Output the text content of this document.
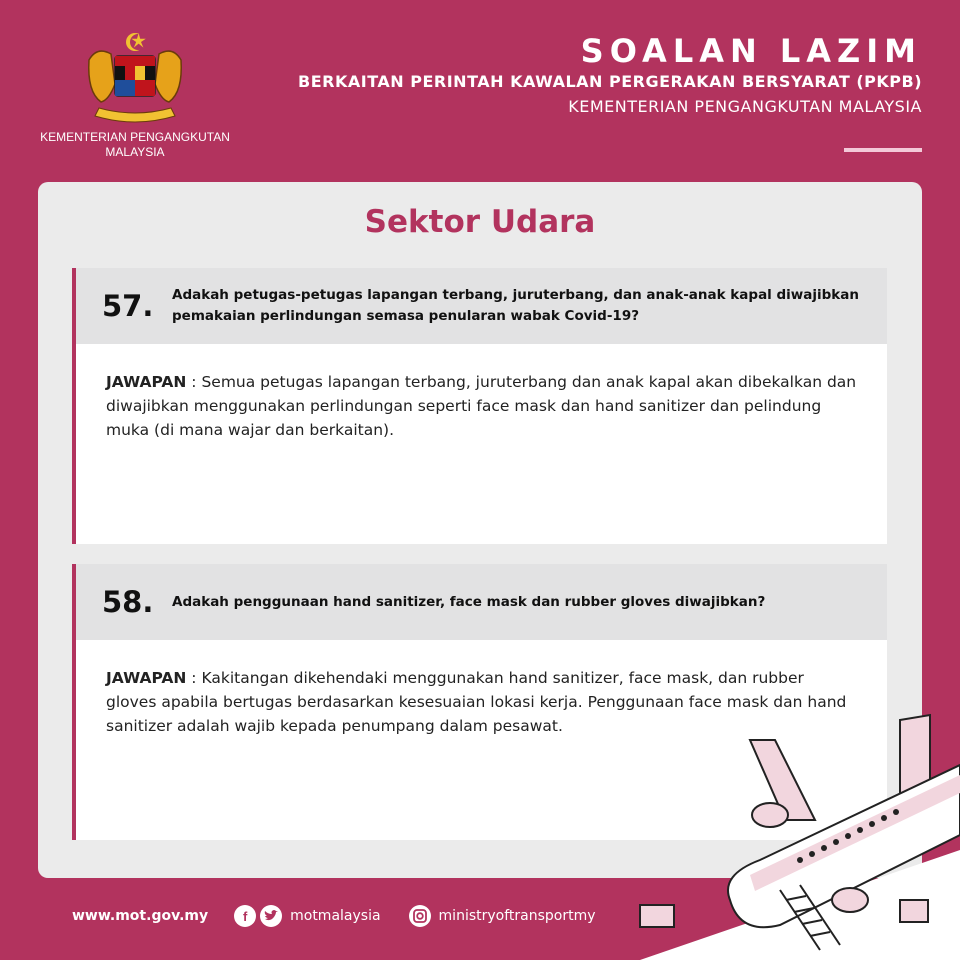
KEMENTERIAN PENGANGKUTAN MALAYSIA
SOALAN LAZIM
BERKAITAN PERINTAH KAWALAN PERGERAKAN BERSYARAT (PKPB)
KEMENTERIAN PENGANGKUTAN MALAYSIA
Sektor Udara
57.	Adakah petugas-petugas lapangan terbang, juruterbang, dan anak-anak kapal diwajibkan pemakaian perlindungan semasa penularan wabak Covid-19?
JAWAPAN : Semua petugas lapangan terbang, juruterbang dan anak kapal akan dibekalkan dan diwajibkan menggunakan perlindungan seperti face mask dan hand sanitizer dan pelindung muka (di mana wajar dan berkaitan).
58.	Adakah penggunaan hand sanitizer, face mask dan rubber gloves diwajibkan?
JAWAPAN : Kakitangan dikehendaki menggunakan hand sanitizer, face mask, dan rubber gloves apabila bertugas berdasarkan kesesuaian lokasi kerja. Penggunaan face mask dan hand sanitizer adalah wajib kepada penumpang dalam pesawat.
www.mot.gov.my	f	motmalaysia	ministryoftransportmy
